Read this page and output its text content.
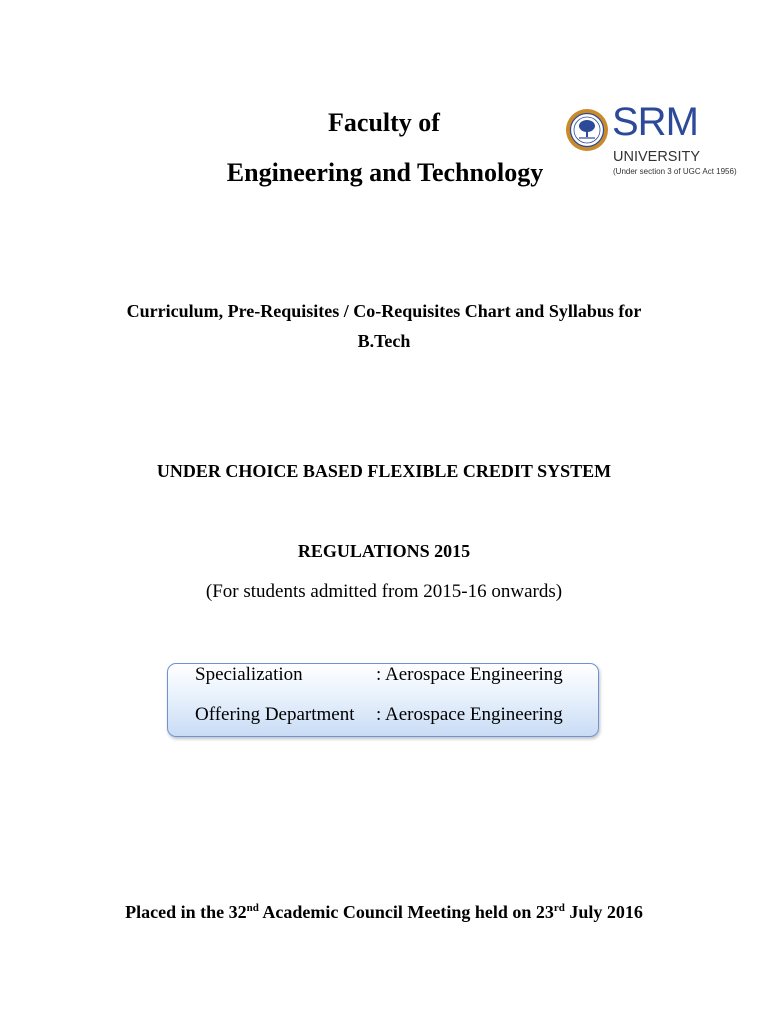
Faculty of
Engineering and Technology
SRM
UNIVERSITY
(Under section 3 of UGC Act 1956)
Curriculum, Pre-Requisites / Co-Requisites Chart and Syllabus for
B.Tech
UNDER CHOICE BASED FLEXIBLE CREDIT SYSTEM
REGULATIONS 2015
(For students admitted from 2015-16 onwards)
Specialization	: Aerospace Engineering
Offering Department : Aerospace Engineering
Placed in the 32nd Academic Council Meeting held on 23rd July 2016
